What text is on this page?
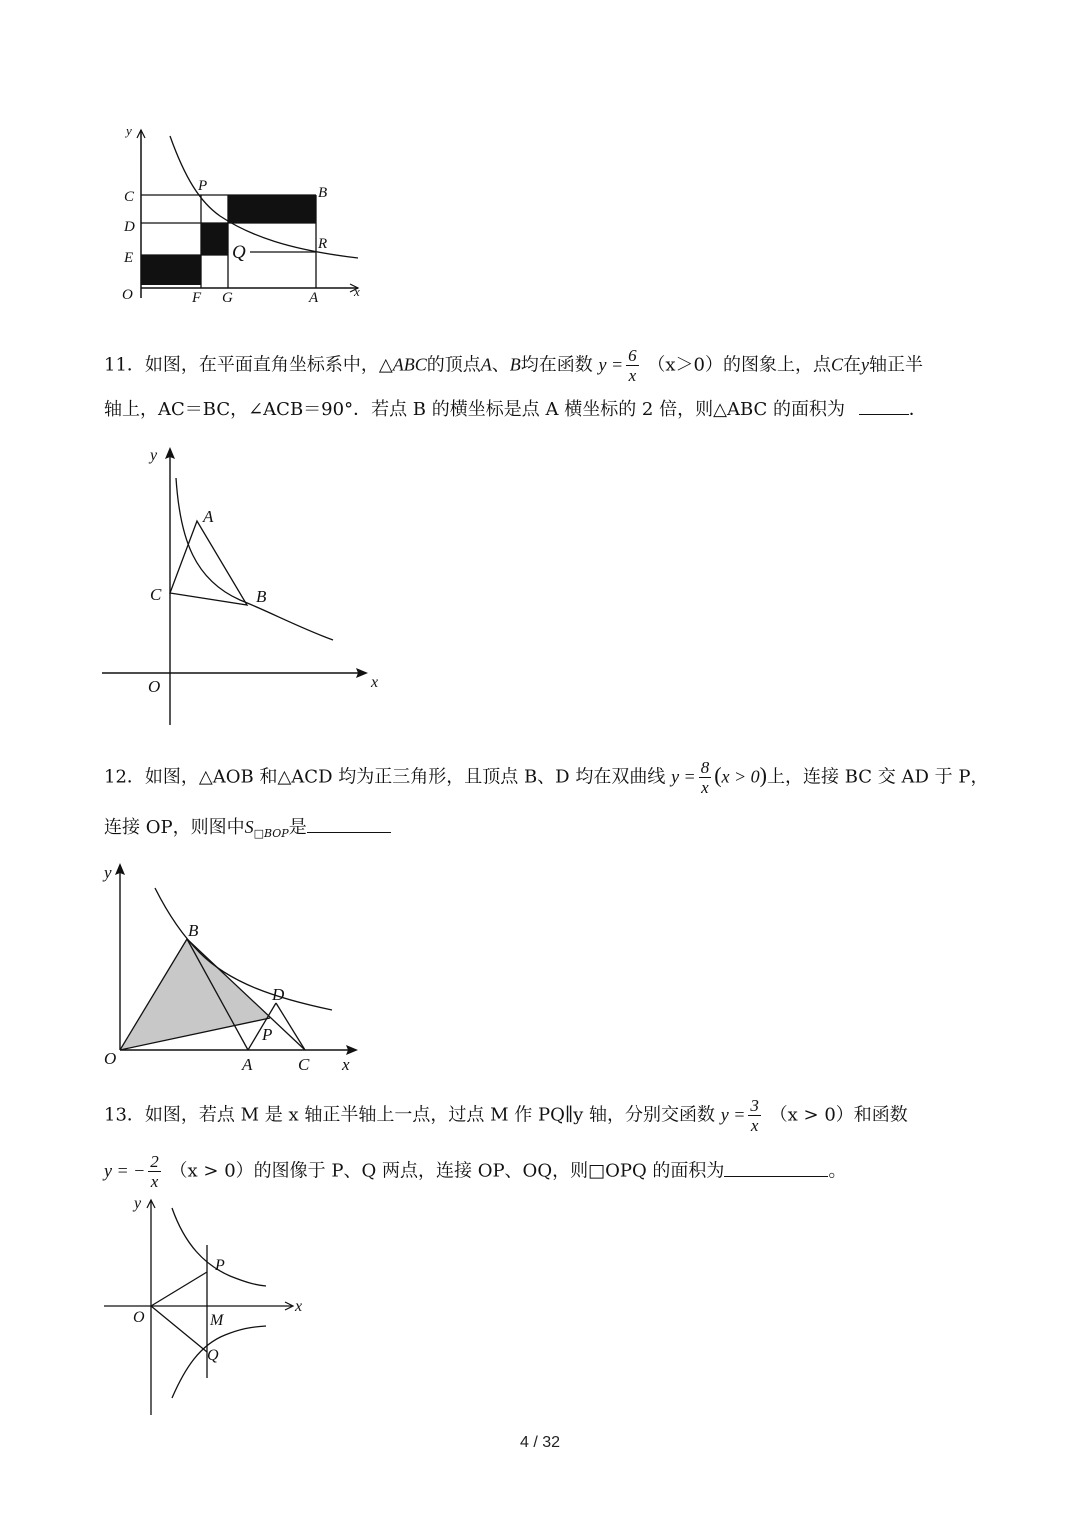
y
x
C
D
E
O	F G	A
P	B
Q	R
11．如图，在平面直角坐标系中，△ABC的顶点A、B均在函数 $y = \frac{6}{x} (x>0)$的图象上，点C在y轴正半
轴上，AC＝BC，∠ACB＝90°．若点 B 的横坐标是点 A 横坐标的 2 倍，则△ABC 的面积为	．
y
x
O
A
B
C
12．如图，△AOB 和△ACD 均为正三角形，且顶点 B、D 均在双曲线 $y = \frac{8}{x} (x > 0)$上，连接 BC 交 AD 于 P，
连接 OP，则图中$S_{□BOP}$是
y
x
O	A
B
C
D
P
13．如图，若点 M 是 x 轴正半轴上一点，过点 M 作 PQ∥y 轴，分别交函数 $y = \frac{3}{x} (x > 0)$和函数
y = − $\frac{2}{x} (x > 0)$的图像于 P、Q 两点，连接 OP、OQ，则□OPQ 的面积为	。
y
x
O
P
M
Q
4 / 32
